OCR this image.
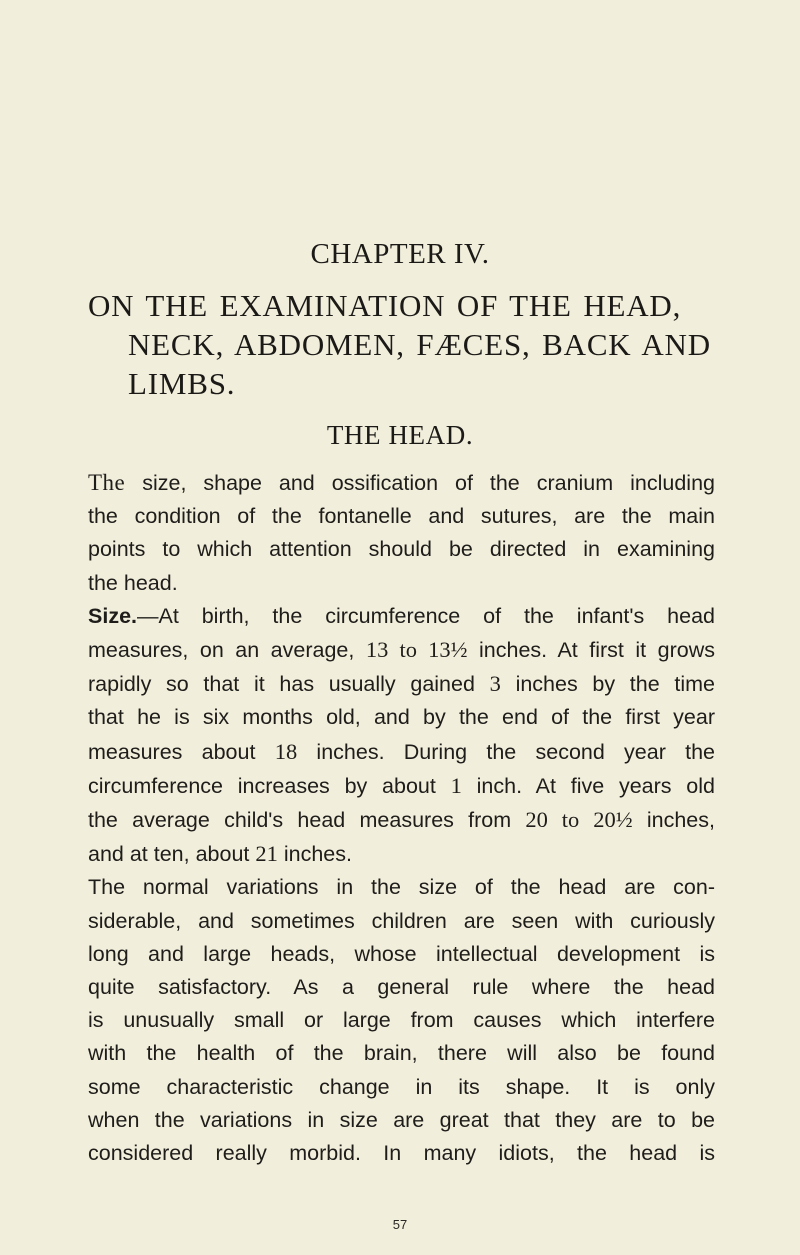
CHAPTER IV.
ON THE EXAMINATION OF THE HEAD,
NECK, ABDOMEN, FÆCES, BACK AND
LIMBS.
THE HEAD.
The size, shape and ossification of the cranium including
the condition of the fontanelle and sutures, are the main
points to which attention should be directed in examining
the head.
Size.—At birth, the circumference of the infant's head
measures, on an average, 13 to 13½ inches. At first it grows
rapidly so that it has usually gained 3 inches by the time
that he is six months old, and by the end of the first year
measures about 18 inches. During the second year the
circumference increases by about 1 inch. At five years old
the average child's head measures from 20 to 20½ inches,
and at ten, about 21 inches.
The normal variations in the size of the head are con-
siderable, and sometimes children are seen with curiously
long and large heads, whose intellectual development is
quite satisfactory. As a general rule where the head
is unusually small or large from causes which interfere
with the health of the brain, there will also be found
some characteristic change in its shape. It is only
when the variations in size are great that they are to be
considered really morbid. In many idiots, the head is
57
